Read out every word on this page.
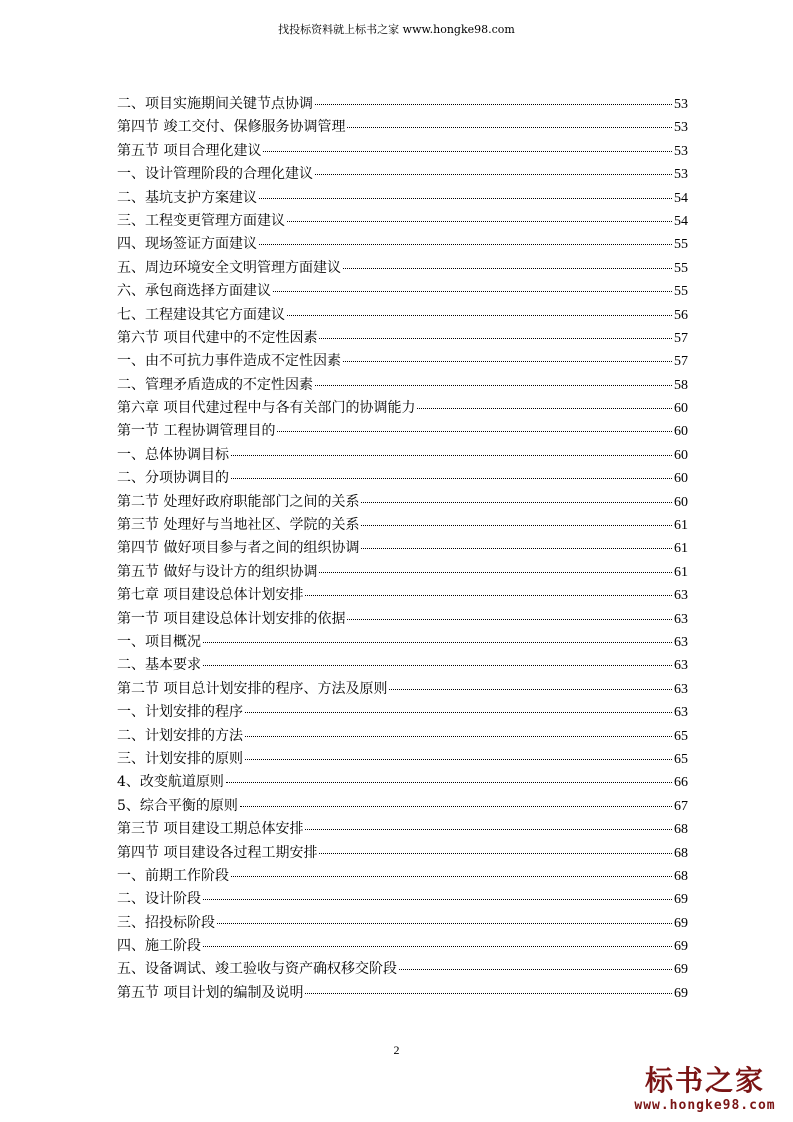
找投标资料就上标书之家 www.hongke98.com
二、项目实施期间关键节点协调	53
第四节 竣工交付、保修服务协调管理	53
第五节 项目合理化建议	53
一、设计管理阶段的合理化建议	53
二、基坑支护方案建议	54
三、工程变更管理方面建议	54
四、现场签证方面建议	55
五、周边环境安全文明管理方面建议	55
六、承包商选择方面建议	55
七、工程建设其它方面建议	56
第六节 项目代建中的不定性因素	57
一、由不可抗力事件造成不定性因素	57
二、管理矛盾造成的不定性因素	58
第六章 项目代建过程中与各有关部门的协调能力	60
第一节 工程协调管理目的	60
一、总体协调目标	60
二、分项协调目的	60
第二节 处理好政府职能部门之间的关系	60
第三节 处理好与当地社区、学院的关系	61
第四节 做好项目参与者之间的组织协调	61
第五节 做好与设计方的组织协调	61
第七章 项目建设总体计划安排	63
第一节 项目建设总体计划安排的依据	63
一、项目概况	63
二、基本要求	63
第二节 项目总计划安排的程序、方法及原则	63
一、计划安排的程序	63
二、计划安排的方法	65
三、计划安排的原则	65
4、改变航道原则	66
5、综合平衡的原则	67
第三节 项目建设工期总体安排	68
第四节 项目建设各过程工期安排	68
一、前期工作阶段	68
二、设计阶段	69
三、招投标阶段	69
四、施工阶段	69
五、设备调试、竣工验收与资产确权移交阶段	69
第五节 项目计划的编制及说明	69
2
标书之家
www.hongke98.com
